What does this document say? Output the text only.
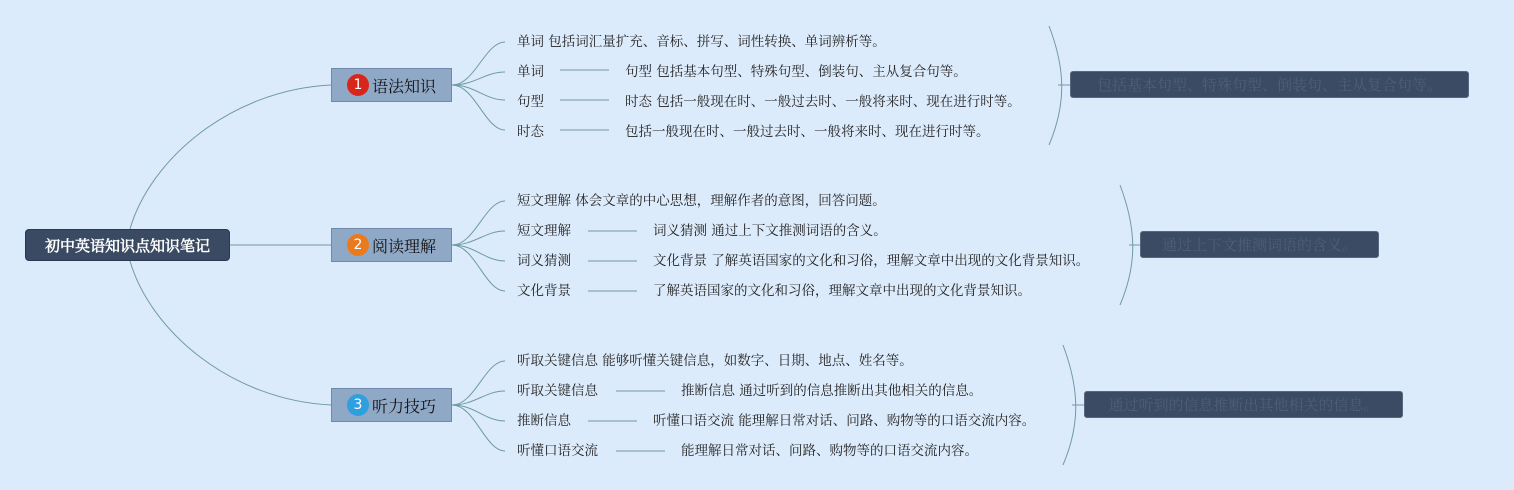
初中英语知识点知识笔记
1 语法知识
单词 包括词汇量扩充、音标、拼写、词性转换、单词辨析等。
单词	句型 包括基本句型、特殊句型、倒装句、主从复合句等。
句型	时态 包括一般现在时、一般过去时、一般将来时、现在进行时等。
时态	包括一般现在时、一般过去时、一般将来时、现在进行时等。
包括基本句型、特殊句型、倒装句、主从复合句等。
2 阅读理解
短文理解 体会文章的中心思想，理解作者的意图，回答问题。
短文理解	词义猜测 通过上下文推测词语的含义。
词义猜测	文化背景 了解英语国家的文化和习俗，理解文章中出现的文化背景知识。
文化背景	了解英语国家的文化和习俗，理解文章中出现的文化背景知识。
通过上下文推测词语的含义。
3 听力技巧
听取关键信息 能够听懂关键信息，如数字、日期、地点、姓名等。
听取关键信息	推断信息 通过听到的信息推断出其他相关的信息。
推断信息	听懂口语交流 能理解日常对话、问路、购物等的口语交流内容。
听懂口语交流	能理解日常对话、问路、购物等的口语交流内容。
通过听到的信息推断出其他相关的信息。
